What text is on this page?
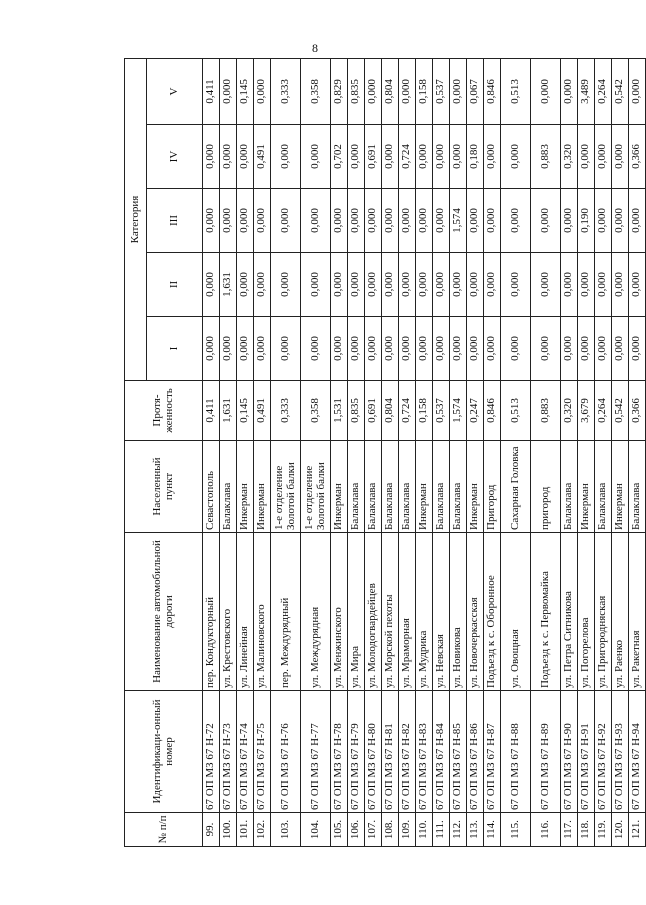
8
№ п/п	Идентификаци-онный номер	Наименование автомобильной дороги	Населенный пункт	Протя-женность	Категория				
					I	II	III	IV	V
99.	67 ОП МЗ 67 Н-72	пер. Кондукторный	Севастополь	0,411	0,000	0,000	0,000	0,000	0,411
100.	67 ОП МЗ 67 Н-73	ул. Крестовского	Балаклава	1,631	0,000	1,631	0,000	0,000	0,000
101.	67 ОП МЗ 67 Н-74	ул. Линейная	Инкерман	0,145	0,000	0,000	0,000	0,000	0,145
102.	67 ОП МЗ 67 Н-75	ул. Малиновского	Инкерман	0,491	0,000	0,000	0,000	0,491	0,000
103.	67 ОП МЗ 67 Н-76	пер. Междурядный	1-е отделение Золотой балки	0,333	0,000	0,000	0,000	0,000	0,333
104.	67 ОП МЗ 67 Н-77	ул. Междурядная	1-е отделение Золотой балки	0,358	0,000	0,000	0,000	0,000	0,358
105.	67 ОП МЗ 67 Н-78	ул. Менжинского	Инкерман	1,531	0,000	0,000	0,000	0,702	0,829
106.	67 ОП МЗ 67 Н-79	ул. Мира	Балаклава	0,835	0,000	0,000	0,000	0,000	0,835
107.	67 ОП МЗ 67 Н-80	ул. Молодогвардейцев	Балаклава	0,691	0,000	0,000	0,000	0,691	0,000
108.	67 ОП МЗ 67 Н-81	ул. Морской пехоты	Балаклава	0,804	0,000	0,000	0,000	0,000	0,804
109.	67 ОП МЗ 67 Н-82	ул. Мраморная	Балаклава	0,724	0,000	0,000	0,000	0,724	0,000
110.	67 ОП МЗ 67 Н-83	ул. Мудрика	Инкерман	0,158	0,000	0,000	0,000	0,000	0,158
111.	67 ОП МЗ 67 Н-84	ул. Невская	Балаклава	0,537	0,000	0,000	0,000	0,000	0,537
112.	67 ОП МЗ 67 Н-85	ул. Новикова	Балаклава	1,574	0,000	0,000	1,574	0,000	0,000
113.	67 ОП МЗ 67 Н-86	ул. Новочеркасская	Инкерман	0,247	0,000	0,000	0,000	0,180	0,067
114.	67 ОП МЗ 67 Н-87	Подъезд к с. Оборонное	Пригород	0,846	0,000	0,000	0,000	0,000	0,846
115.	67 ОП МЗ 67 Н-88	ул. Овощная	Сахарная Головка	0,513	0,000	0,000	0,000	0,000	0,513
116.	67 ОП МЗ 67 Н-89	Подъезд к с. Первомайка	пригород	0,883	0,000	0,000	0,000	0,883	0,000
117.	67 ОП МЗ 67 Н-90	ул. Петра Ситникова	Балаклава	0,320	0,000	0,000	0,000	0,320	0,000
118.	67 ОП МЗ 67 Н-91	ул. Погорелова	Инкерман	3,679	0,000	0,000	0,190	0,000	3,489
119.	67 ОП МЗ 67 Н-92	ул. Пригородняская	Балаклава	0,264	0,000	0,000	0,000	0,000	0,264
120.	67 ОП МЗ 67 Н-93	ул. Раенко	Инкерман	0,542	0,000	0,000	0,000	0,000	0,542
121.	67 ОП МЗ 67 Н-94	ул. Ракетная	Балаклава	0,366	0,000	0,000	0,000	0,366	0,000
